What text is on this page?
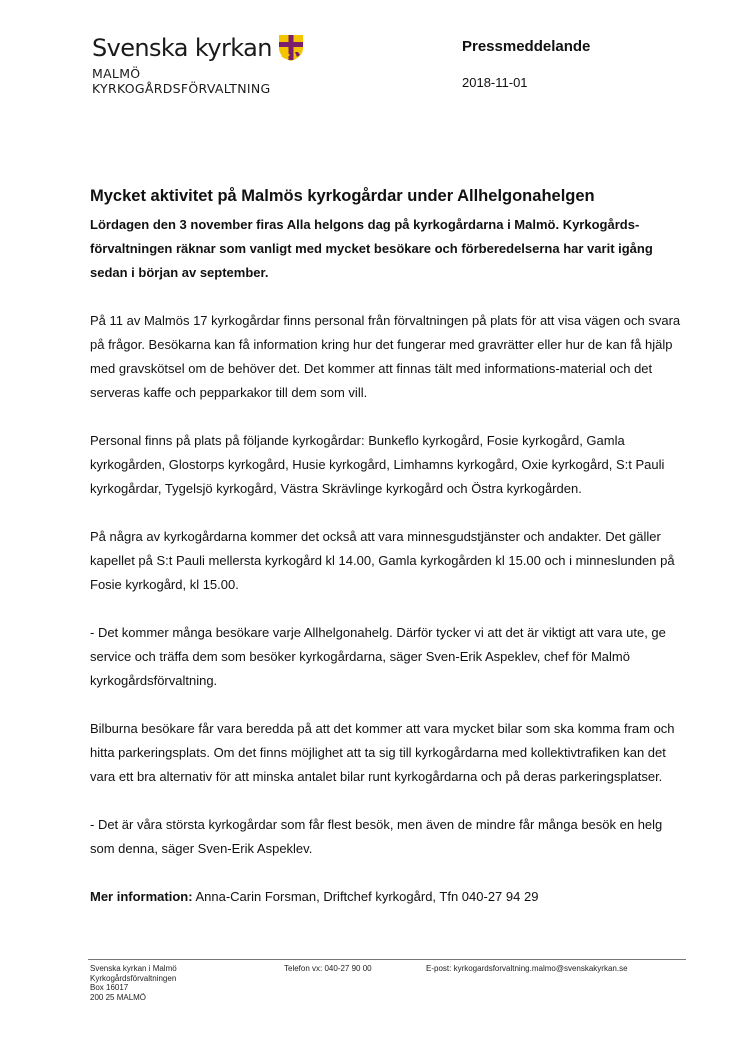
Svenska kyrkan
MALMÖ
KYRKOGÅRDSFÖRVALTNING
Pressmeddelande
2018-11-01
Mycket aktivitet på Malmös kyrkogårdar under Allhelgonahelgen

Lördagen den 3 november firas Alla helgons dag på kyrkogårdarna i Malmö. Kyrkogårds-förvaltningen räknar som vanligt med mycket besökare och förberedelserna har varit igång sedan i början av september.

På 11 av Malmös 17 kyrkogårdar finns personal från förvaltningen på plats för att visa vägen och svara på frågor. Besökarna kan få information kring hur det fungerar med gravrätter eller hur de kan få hjälp med gravskötsel om de behöver det. Det kommer att finnas tält med informations-material och det serveras kaffe och pepparkakor till dem som vill.

Personal finns på plats på följande kyrkogårdar: Bunkeflo kyrkogård, Fosie kyrkogård, Gamla kyrkogården, Glostorps kyrkogård, Husie kyrkogård, Limhamns kyrkogård, Oxie kyrkogård, S:t Pauli kyrkogårdar, Tygelsjö kyrkogård, Västra Skrävlinge kyrkogård och Östra kyrkogården.

På några av kyrkogårdarna kommer det också att vara minnesgudstjänster och andakter. Det gäller kapellet på S:t Pauli mellersta kyrkogård kl 14.00, Gamla kyrkogården kl 15.00 och i minneslunden på Fosie kyrkogård, kl 15.00.

- Det kommer många besökare varje Allhelgonahelg. Därför tycker vi att det är viktigt att vara ute, ge service och träffa dem som besöker kyrkogårdarna, säger Sven-Erik Aspeklev, chef för Malmö kyrkogårdsförvaltning.

Bilburna besökare får vara beredda på att det kommer att vara mycket bilar som ska komma fram och hitta parkeringsplats. Om det finns möjlighet att ta sig till kyrkogårdarna med kollektivtrafiken kan det vara ett bra alternativ för att minska antalet bilar runt kyrkogårdarna och på deras parkeringsplatser.

- Det är våra största kyrkogårdar som får flest besök, men även de mindre får många besök en helg som denna, säger Sven-Erik Aspeklev.

Mer information: Anna-Carin Forsman, Driftchef kyrkogård, Tfn 040-27 94 29

Svenska kyrkan i Malmö
Kyrkogårdsförvaltningen
Box 16017
200 25 MALMÖ
Telefon vx: 040-27 90 00	E-post: kyrkogardsforvaltning.malmo@svenskakyrkan.se
